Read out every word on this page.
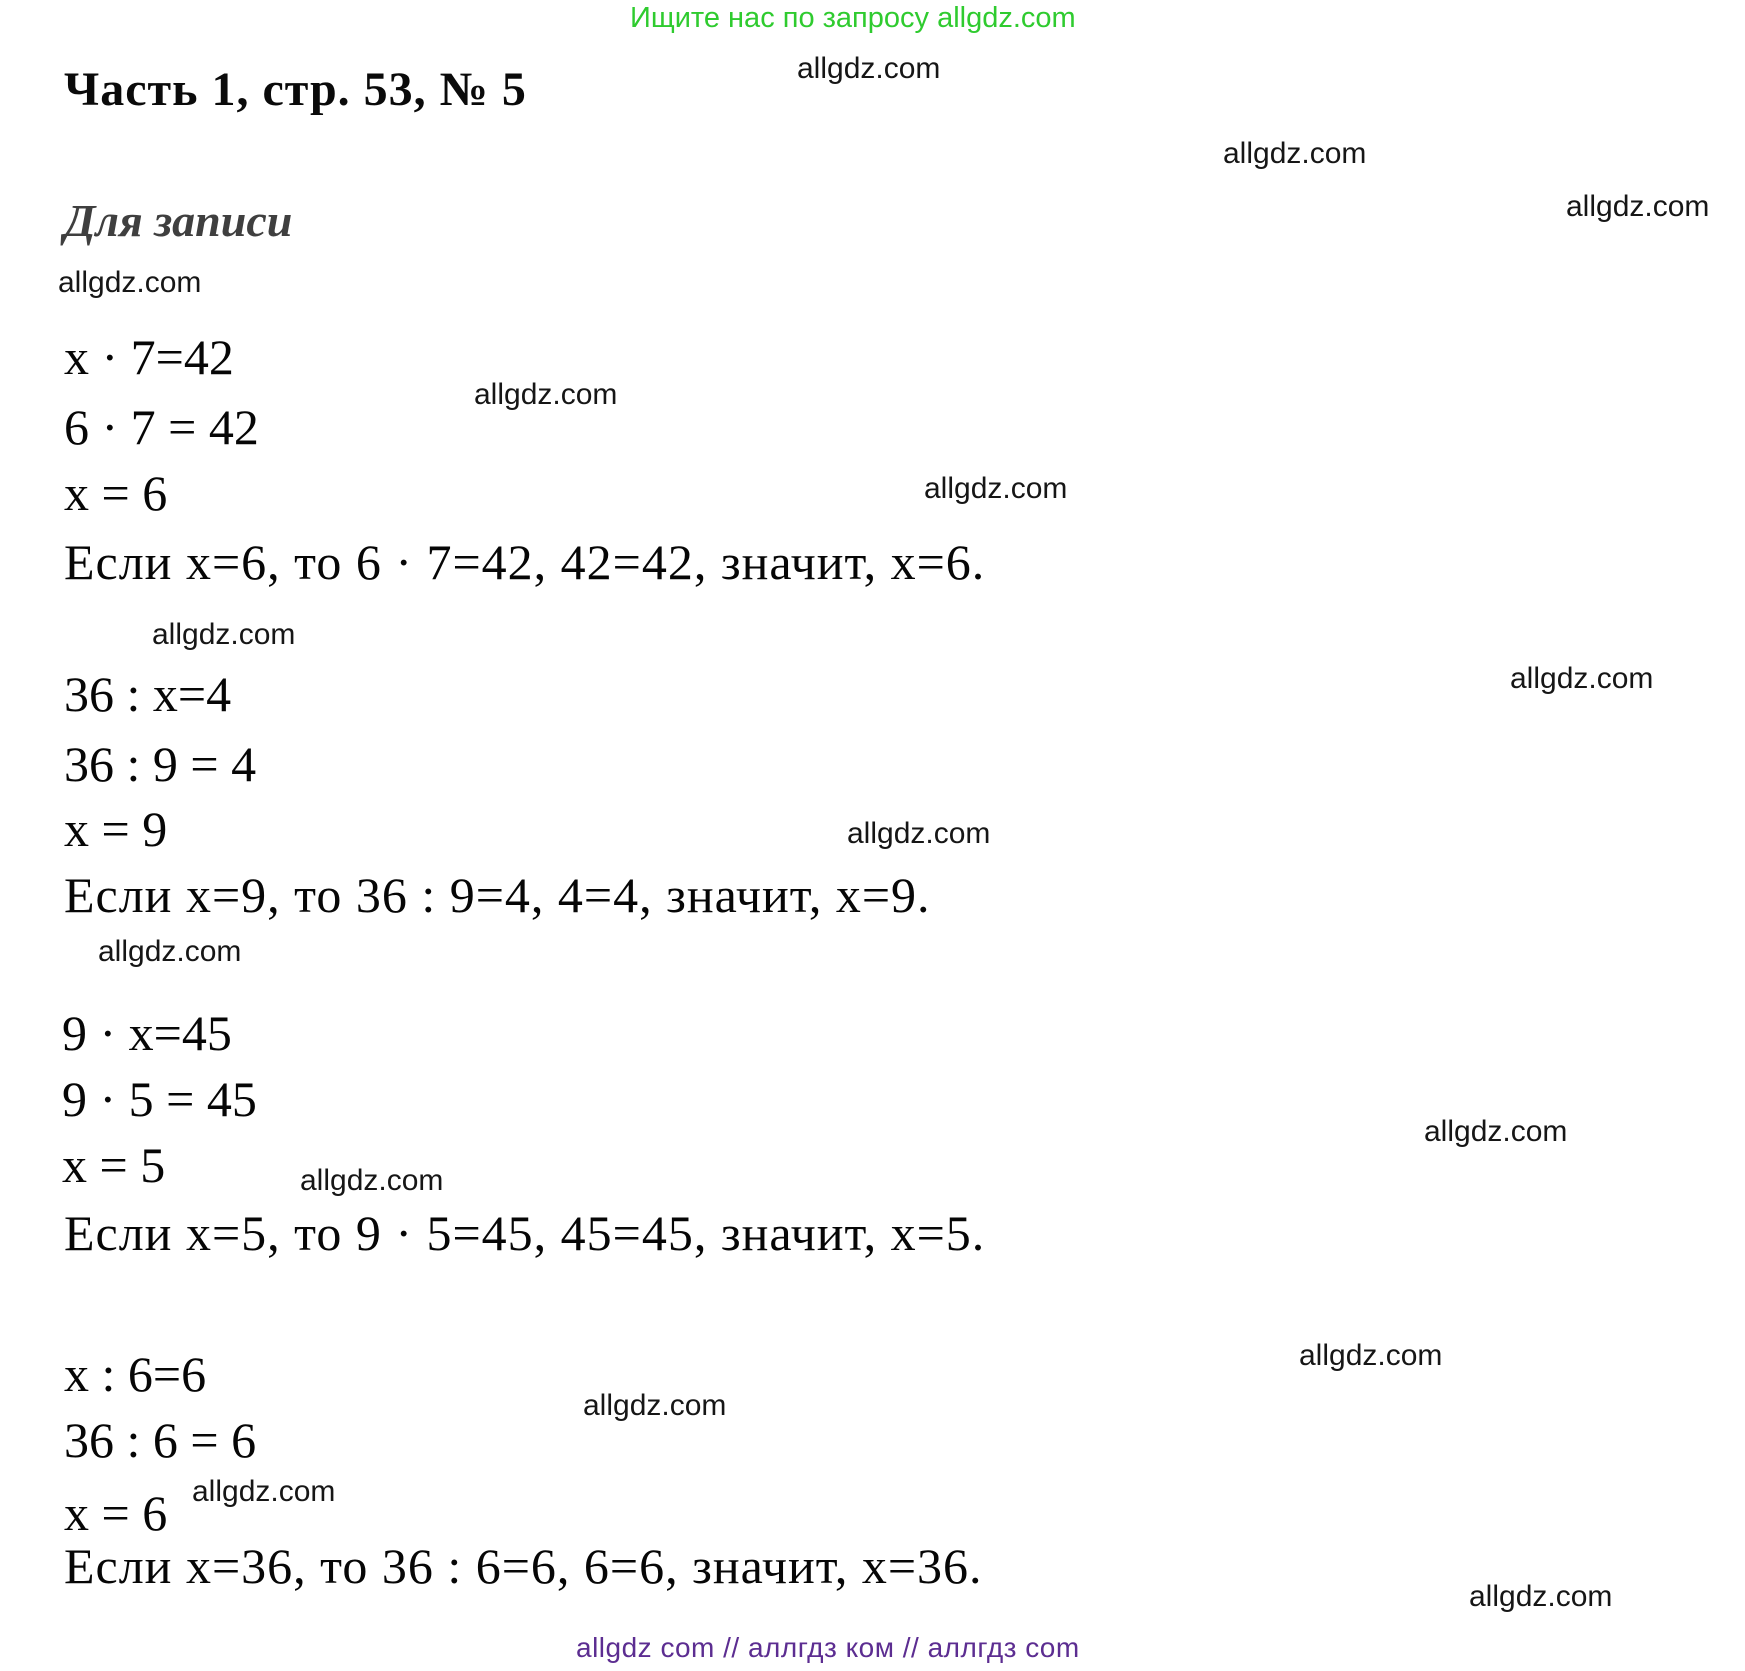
Ищите нас по запросу allgdz.com
allgdz.com
Часть 1, стр. 53, № 5
allgdz.com
allgdz.com
Для записи
allgdz.com
x · 7=42
allgdz.com
6 · 7 = 42
x = 6	allgdz.com
Если x=6, то 6 · 7=42, 42=42, значит, x=6.
allgdz.com
allgdz.com
36 : x=4
36 : 9 = 4
x = 9	allgdz.com
Если x=9, то 36 : 9=4, 4=4, значит, x=9.
allgdz.com
9 · x=45
9 · 5 = 45
allgdz.com
x = 5	allgdz.com
Если x=5, то 9 · 5=45, 45=45, значит, x=5.
allgdz.com
x : 6=6
allgdz.com
36 : 6 = 6
x = 6 allgdz.com
Если x=36, то 36 : 6=6, 6=6, значит, x=36.
allgdz.com
allgdz com // аллгдз ком // аллгдз com
